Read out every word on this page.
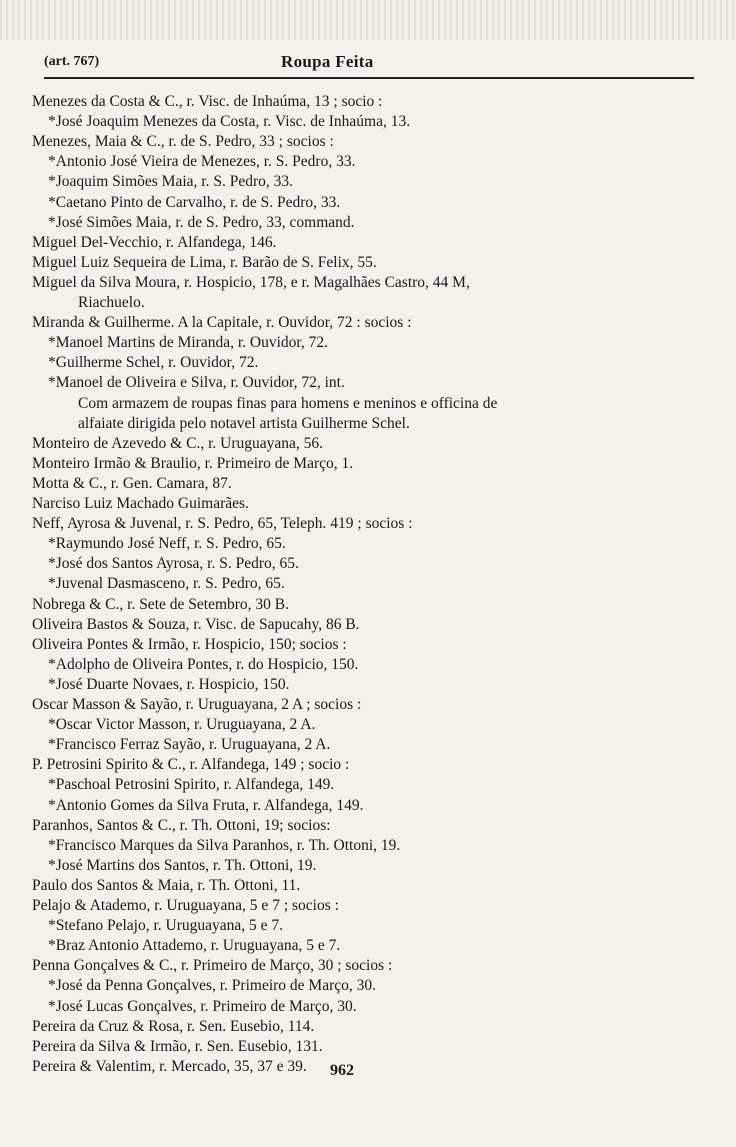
(art. 767)	Roupa Feita
Menezes da Costa & C., r. Visc. de Inhaúma, 13 ; socio :
*José Joaquim Menezes da Costa, r. Visc. de Inhaúma, 13.
Menezes, Maia & C., r. de S. Pedro, 33 ; socios :
*Antonio José Vieira de Menezes, r. S. Pedro, 33.
*Joaquim Simões Maia, r. S. Pedro, 33.
*Caetano Pinto de Carvalho, r. de S. Pedro, 33.
*José Simões Maia, r. de S. Pedro, 33, command.
Miguel Del-Vecchio, r. Alfandega, 146.
Miguel Luiz Sequeira de Lima, r. Barão de S. Felix, 55.
Miguel da Silva Moura, r. Hospicio, 178, e r. Magalhães Castro, 44 M,
Riachuelo.
Miranda & Guilherme. A la Capitale, r. Ouvidor, 72 : socios :
*Manoel Martins de Miranda, r. Ouvidor, 72.
*Guilherme Schel, r. Ouvidor, 72.
*Manoel de Oliveira e Silva, r. Ouvidor, 72, int.
Com armazem de roupas finas para homens e meninos e officina de
alfaiate dirigida pelo notavel artista Guilherme Schel.
Monteiro de Azevedo & C., r. Uruguayana, 56.
Monteiro Irmão & Braulio, r. Primeiro de Março, 1.
Motta & C., r. Gen. Camara, 87.
Narciso Luiz Machado Guimarães.
Neff, Ayrosa & Juvenal, r. S. Pedro, 65, Teleph. 419 ; socios :
*Raymundo José Neff, r. S. Pedro, 65.
*José dos Santos Ayrosa, r. S. Pedro, 65.
*Juvenal Dasmasceno, r. S. Pedro, 65.
Nobrega & C., r. Sete de Setembro, 30 B.
Oliveira Bastos & Souza, r. Visc. de Sapucahy, 86 B.
Oliveira Pontes & Irmão, r. Hospicio, 150; socios :
*Adolpho de Oliveira Pontes, r. do Hospicio, 150.
*José Duarte Novaes, r. Hospicio, 150.
Oscar Masson & Sayão, r. Uruguayana, 2 A ; socios :
*Oscar Victor Masson, r. Uruguayana, 2 A.
*Francisco Ferraz Sayão, r. Uruguayana, 2 A.
P. Petrosini Spirito & C., r. Alfandega, 149 ; socio :
*Paschoal Petrosini Spirito, r. Alfandega, 149.
*Antonio Gomes da Silva Fruta, r. Alfandega, 149.
Paranhos, Santos & C., r. Th. Ottoni, 19; socios:
*Francisco Marques da Silva Paranhos, r. Th. Ottoni, 19.
*José Martins dos Santos, r. Th. Ottoni, 19.
Paulo dos Santos & Maia, r. Th. Ottoni, 11.
Pelajo & Atademo, r. Uruguayana, 5 e 7 ; socios :
*Stefano Pelajo, r. Uruguayana, 5 e 7.
*Braz Antonio Attademo, r. Uruguayana, 5 e 7.
Penna Gonçalves & C., r. Primeiro de Março, 30 ; socios :
*José da Penna Gonçalves, r. Primeiro de Março, 30.
*José Lucas Gonçalves, r. Primeiro de Março, 30.
Pereira da Cruz & Rosa, r. Sen. Eusebio, 114.
Pereira da Silva & Irmão, r. Sen. Eusebio, 131.
Pereira & Valentim, r. Mercado, 35, 37 e 39. 962
